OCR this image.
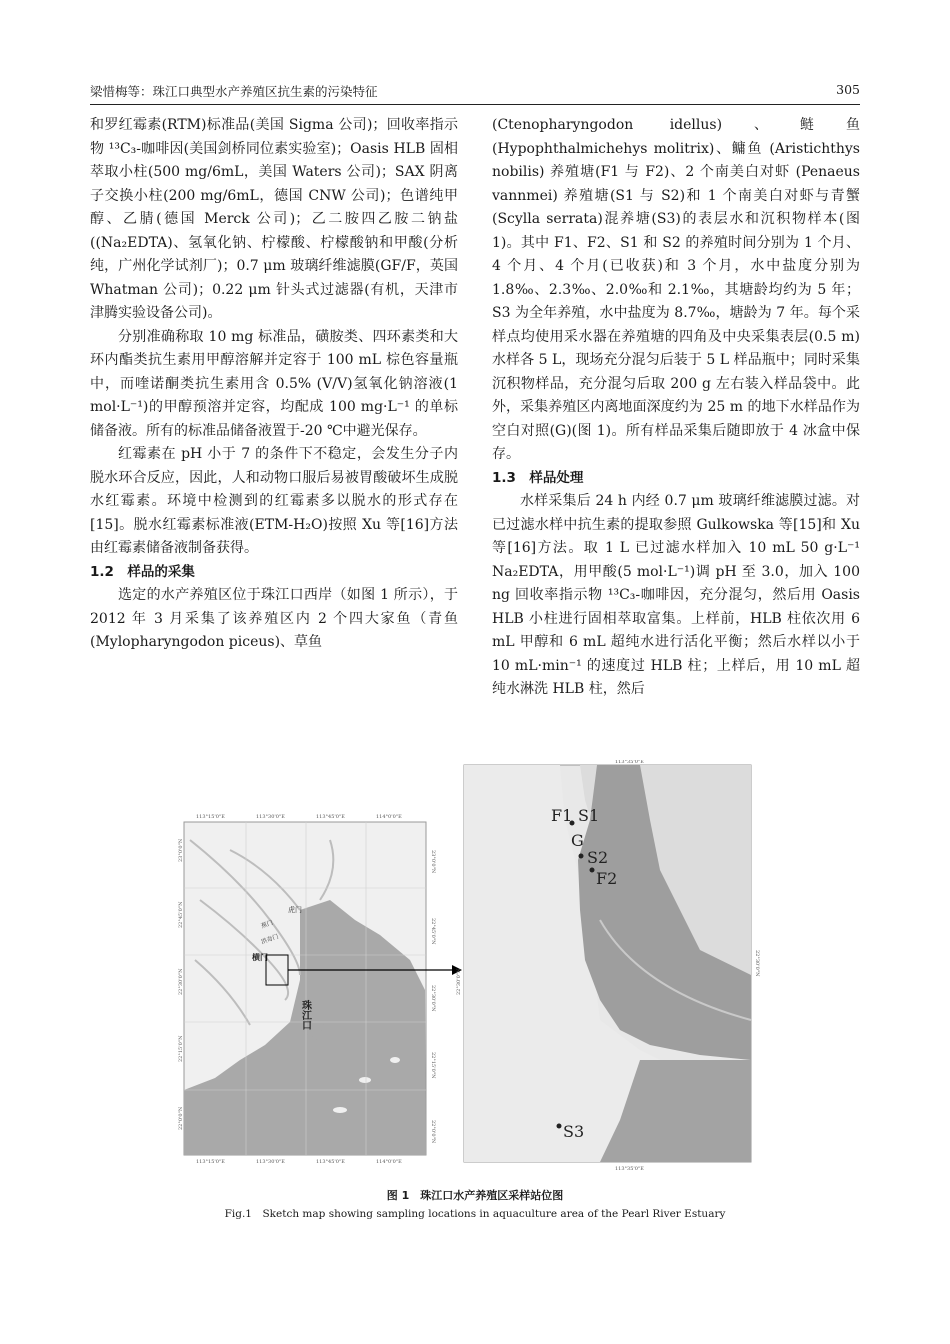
梁惜梅等：珠江口典型水产养殖区抗生素的污染特征	305

和罗红霉素(RTM)标准品(美国 Sigma 公司)；回收率指示物 ¹³C₃-咖啡因(美国剑桥同位素实验室)；Oasis HLB 固相萃取小柱(500 mg/6mL，美国 Waters 公司)；SAX 阴离子交换小柱(200 mg/6mL，德国 CNW 公司)；色谱纯甲醇、乙腈(德国 Merck 公司)；乙二胺四乙胺二钠盐((Na₂EDTA)、氢氧化钠、柠檬酸、柠檬酸钠和甲酸(分析纯，广州化学试剂厂)；0.7 μm 玻璃纤维滤膜(GF/F，英国 Whatman 公司)；0.22 μm 针头式过滤器(有机，天津市津腾实验设备公司)。

分别准确称取 10 mg 标准品，磺胺类、四环素类和大环内酯类抗生素用甲醇溶解并定容于 100 mL 棕色容量瓶中，而喹诺酮类抗生素用含 0.5% (V/V)氢氧化钠溶液(1 mol·L⁻¹)的甲醇预溶并定容，均配成 100 mg·L⁻¹ 的单标储备液。所有的标准品储备液置于-20 ℃中避光保存。

红霉素在 pH 小于 7 的条件下不稳定，会发生分子内脱水环合反应，因此，人和动物口服后易被胃酸破坏生成脱水红霉素。环境中检测到的红霉素多以脱水的形式存在[15]。脱水红霉素标准液(ETM-H₂O)按照 Xu 等[16]方法由红霉素储备液制备获得。

1.2　样品的采集

选定的水产养殖区位于珠江口西岸（如图 1 所示），于 2012 年 3 月采集了该养殖区内 2 个四大家鱼（青鱼 (Mylopharyngodon piceus)、草鱼

(Ctenopharyngodon idellus)、鲢鱼 (Hypophthalmichehys molitrix)、鳙鱼 (Aristichthys nobilis) 养殖塘(F1 与 F2)、2 个南美白对虾 (Penaeus vannmei) 养殖塘(S1 与 S2)和 1 个南美白对虾与青蟹(Scylla serrata)混养塘(S3)的表层水和沉积物样本(图 1)。其中 F1、F2、S1 和 S2 的养殖时间分别为 1 个月、4 个月、4 个月(已收获)和 3 个月，水中盐度分别为 1.8‰、2.3‰、2.0‰和 2.1‰，其塘龄均约为 5 年；S3 为全年养殖，水中盐度为 8.7‰，塘龄为 7 年。每个采样点均使用采水器在养殖塘的四角及中央采集表层(0.5 m)水样各 5 L，现场充分混匀后装于 5 L 样品瓶中；同时采集沉积物样品，充分混匀后取 200 g 左右装入样品袋中。此外，采集养殖区内离地面深度约为 25 m 的地下水样品作为空白对照(G)(图 1)。所有样品采集后随即放于 4 冰盒中保存。

1.3　样品处理

水样采集后 24 h 内经 0.7 μm 玻璃纤维滤膜过滤。对已过滤水样中抗生素的提取参照 Gulkowska 等[15]和 Xu 等[16]方法。取 1 L 已过滤水样加入 10 mL 50 g·L⁻¹ Na₂EDTA，用甲酸(5 mol·L⁻¹)调 pH 至 3.0，加入 100 ng 回收率指示物 ¹³C₃-咖啡因，充分混匀，然后用 Oasis HLB 小柱进行固相萃取富集。上样前，HLB 柱依次用 6 mL 甲醇和 6 mL 超纯水进行活化平衡；然后水样以小于 10 mL·min⁻¹ 的速度过 HLB 柱；上样后，用 10 mL 超纯水淋洗 HLB 柱，然后

113°15'0"E	113°30'0"E	113°45'0"E	114°0'0"E
113°15'0"E	113°30'0"E	113°45'0"E	114°0'0"E
23°0'0"N
22°45'0"N
22°30'0"N
22°15'0"N
22°0'0"N
23°0'0"N
22°45'0"N
22°30'0"N
22°15'0"N
22°0'0"N
横门
虎门
蕉门
洪奇门
珠江口
113°35'0"E
113°35'0"E
22°30'0"N
22°30'0"N
F1 S1
G
S2
F2
S3
图 1　珠江口水产养殖区采样站位图
Fig.1　Sketch map showing sampling locations in aquaculture area of the Pearl River Estuary
